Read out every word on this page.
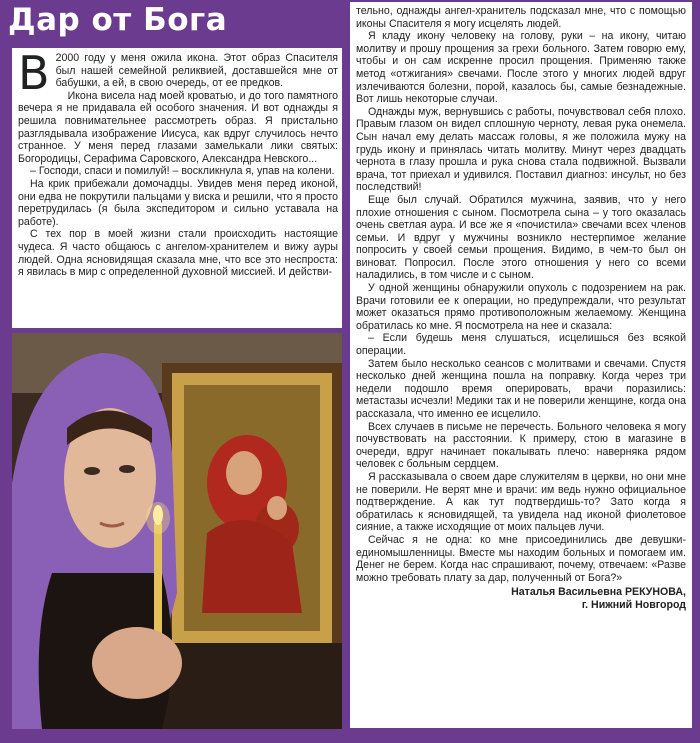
Дар от Бога

В 2000 году у меня ожила икона. Этот образ Спасителя был нашей семейной реликвией, доставшейся мне от бабушки, а ей, в свою очередь, от ее предков.

Икона висела над моей кроватью, и до того памятного вечера я не придавала ей особого значения. И вот однажды я решила повнимательнее рассмотреть образ. Я пристально разглядывала изображение Иисуса, как вдруг случилось нечто странное. У меня перед глазами замелькали лики святых: Богородицы, Серафима Саровского, Александра Невского...

– Господи, спаси и помилуй! – воскликнула я, упав на колени.

На крик прибежали домочадцы. Увидев меня перед иконой, они едва не покрутили пальцами у виска и решили, что я просто перетрудилась (я была экспедитором и сильно уставала на работе).

С тех пор в моей жизни стали происходить настоящие чудеса. Я часто общаюсь с ангелом-хранителем и вижу ауры людей. Одна ясновидящая сказала мне, что все это неспроста: я явилась в мир с определенной духовной миссией. И действи-

тельно, однажды ангел-хранитель подсказал мне, что с помощью иконы Спасителя я могу исцелять людей.

Я кладу икону человеку на голову, руки – на икону, читаю молитву и прошу прощения за грехи больного. Затем говорю ему, чтобы и он сам искренне просил прощения. Применяю также метод «отжигания» свечами. После этого у многих людей вдруг излечиваются болезни, порой, казалось бы, самые безнадежные. Вот лишь некоторые случаи.

Однажды муж, вернувшись с работы, почувствовал себя плохо. Правым глазом он видел сплошную черноту, левая рука онемела. Сын начал ему делать массаж головы, я же положила мужу на грудь икону и принялась читать молитву. Минут через двадцать чернота в глазу прошла и рука снова стала подвижной. Вызвали врача, тот приехал и удивился. Поставил диагноз: инсульт, но без последствий!

Еще был случай. Обратился мужчина, заявив, что у него плохие отношения с сыном. Посмотрела сына – у того оказалась очень светлая аура. И все же я «почистила» свечами всех членов семьи. И вдруг у мужчины возникло нестерпимое желание попросить у своей семьи прощения. Видимо, в чем-то был он виноват. Попросил. После этого отношения у него со всеми наладились, в том числе и с сыном.

У одной женщины обнаружили опухоль с подозрением на рак. Врачи готовили ее к операции, но предупреждали, что результат может оказаться прямо противоположным желаемому. Женщина обратилась ко мне. Я посмотрела на нее и сказала:

– Если будешь меня слушаться, исцелишься без всякой операции.

Затем было несколько сеансов с молитвами и свечами. Спустя несколько дней женщина пошла на поправку. Когда через три недели подошло время оперировать, врачи поразились: метастазы исчезли! Медики так и не поверили женщине, когда она рассказала, что именно ее исцелило.

Всех случаев в письме не перечесть. Больного человека я могу почувствовать на расстоянии. К примеру, стою в магазине в очереди, вдруг начинает покалывать плечо: наверняка рядом человек с больным сердцем.

Я рассказывала о своем даре служителям в церкви, но они мне не поверили. Не верят мне и врачи: им ведь нужно официальное подтверждение. А как тут подтвердишь-то? Зато когда я обратилась к ясновидящей, та увидела над иконой фиолетовое сияние, а также исходящие от моих пальцев лучи.

Сейчас я не одна: ко мне присоединились две девушки-единомышленницы. Вместе мы находим больных и помогаем им. Денег не берем. Когда нас спрашивают, почему, отвечаем: «Разве можно требовать плату за дар, полученный от Бога?»

Наталья Васильевна РЕКУНОВА,
г. Нижний Новгород
